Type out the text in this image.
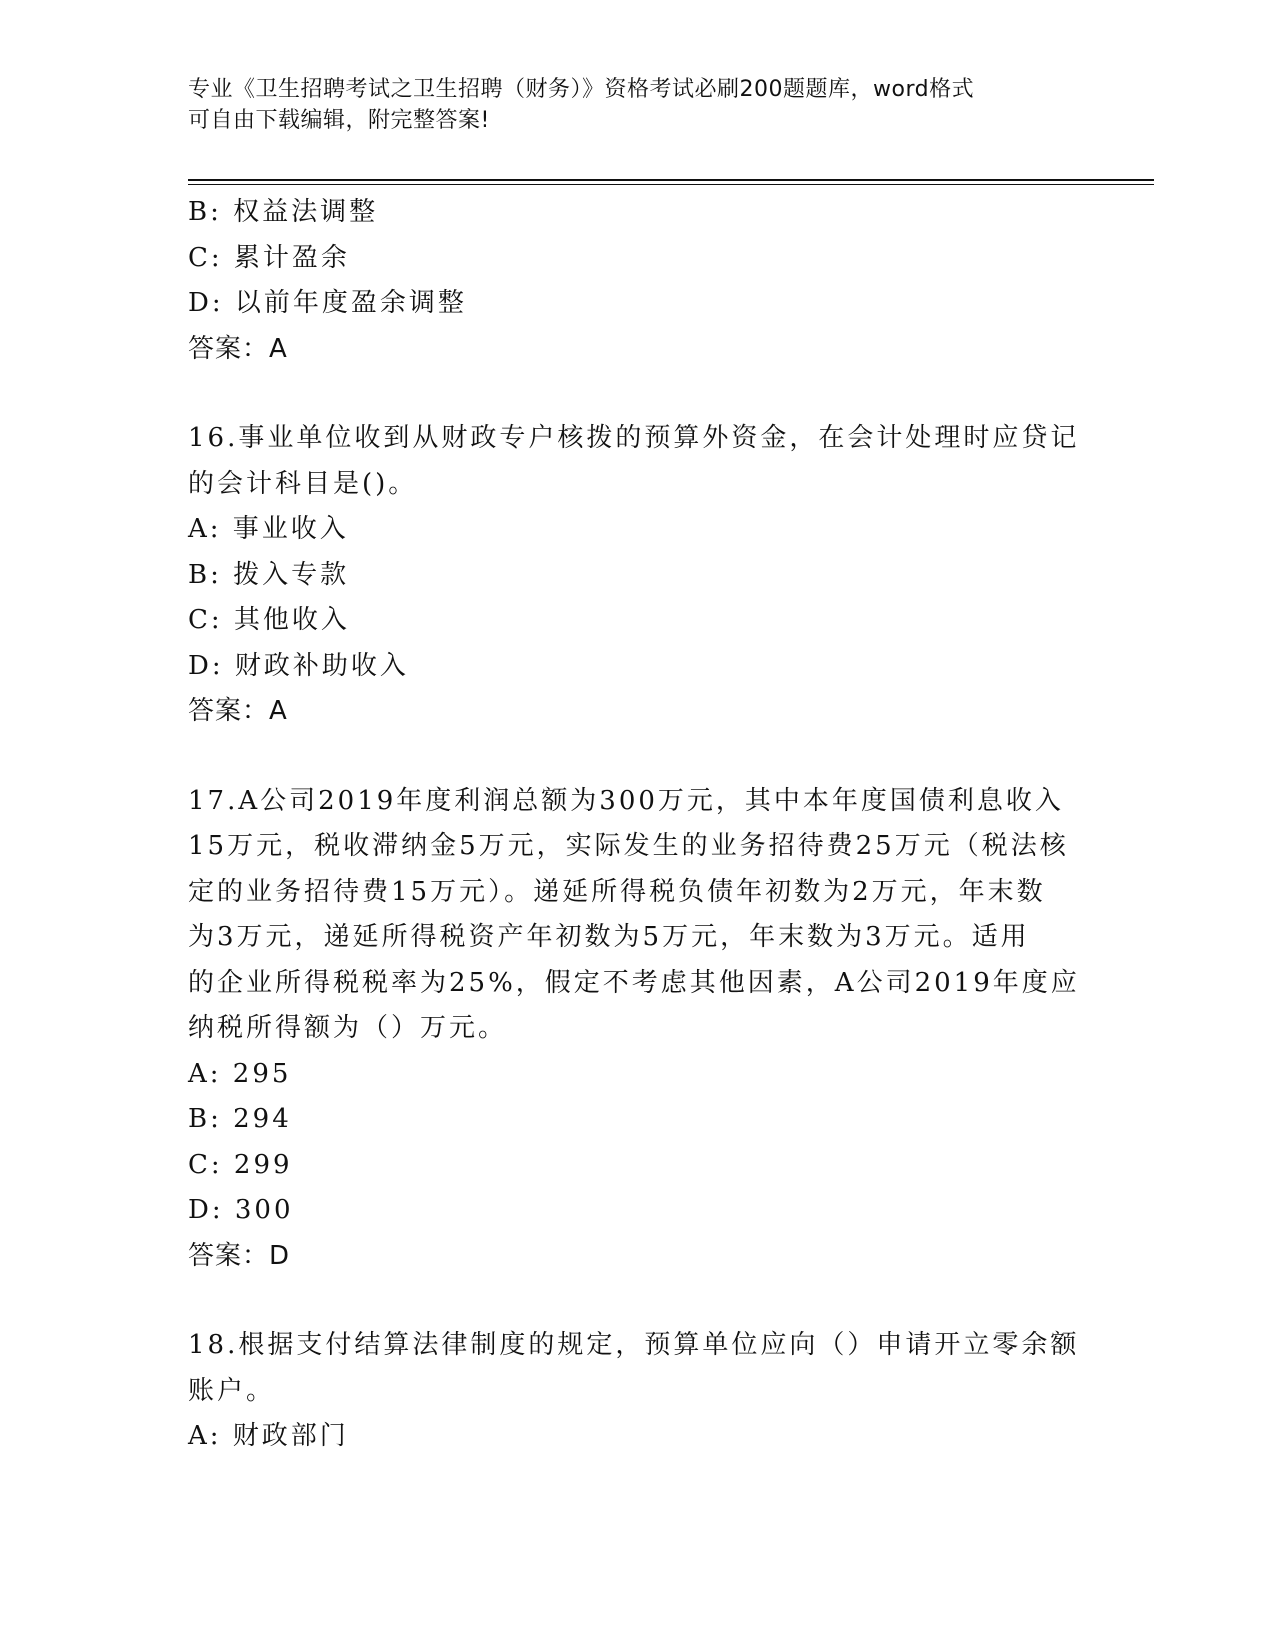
专业《卫生招聘考试之卫生招聘（财务）》资格考试必刷200题题库，word格式
可自由下载编辑，附完整答案!
B: 权益法调整
C: 累计盈余
D: 以前年度盈余调整
答案：A
16.事业单位收到从财政专户核拨的预算外资金，在会计处理时应贷记
的会计科目是()。
A: 事业收入
B: 拨入专款
C: 其他收入
D: 财政补助收入
答案：A
17.A公司2019年度利润总额为300万元，其中本年度国债利息收入
15万元，税收滞纳金5万元，实际发生的业务招待费25万元（税法核
定的业务招待费15万元）。递延所得税负债年初数为2万元，年末数
为3万元，递延所得税资产年初数为5万元，年末数为3万元。适用
的企业所得税税率为25%，假定不考虑其他因素，A公司2019年度应
纳税所得额为（）万元。
A: 295
B: 294
C: 299
D: 300
答案：D
18.根据支付结算法律制度的规定，预算单位应向（）申请开立零余额
账户。
A: 财政部门
